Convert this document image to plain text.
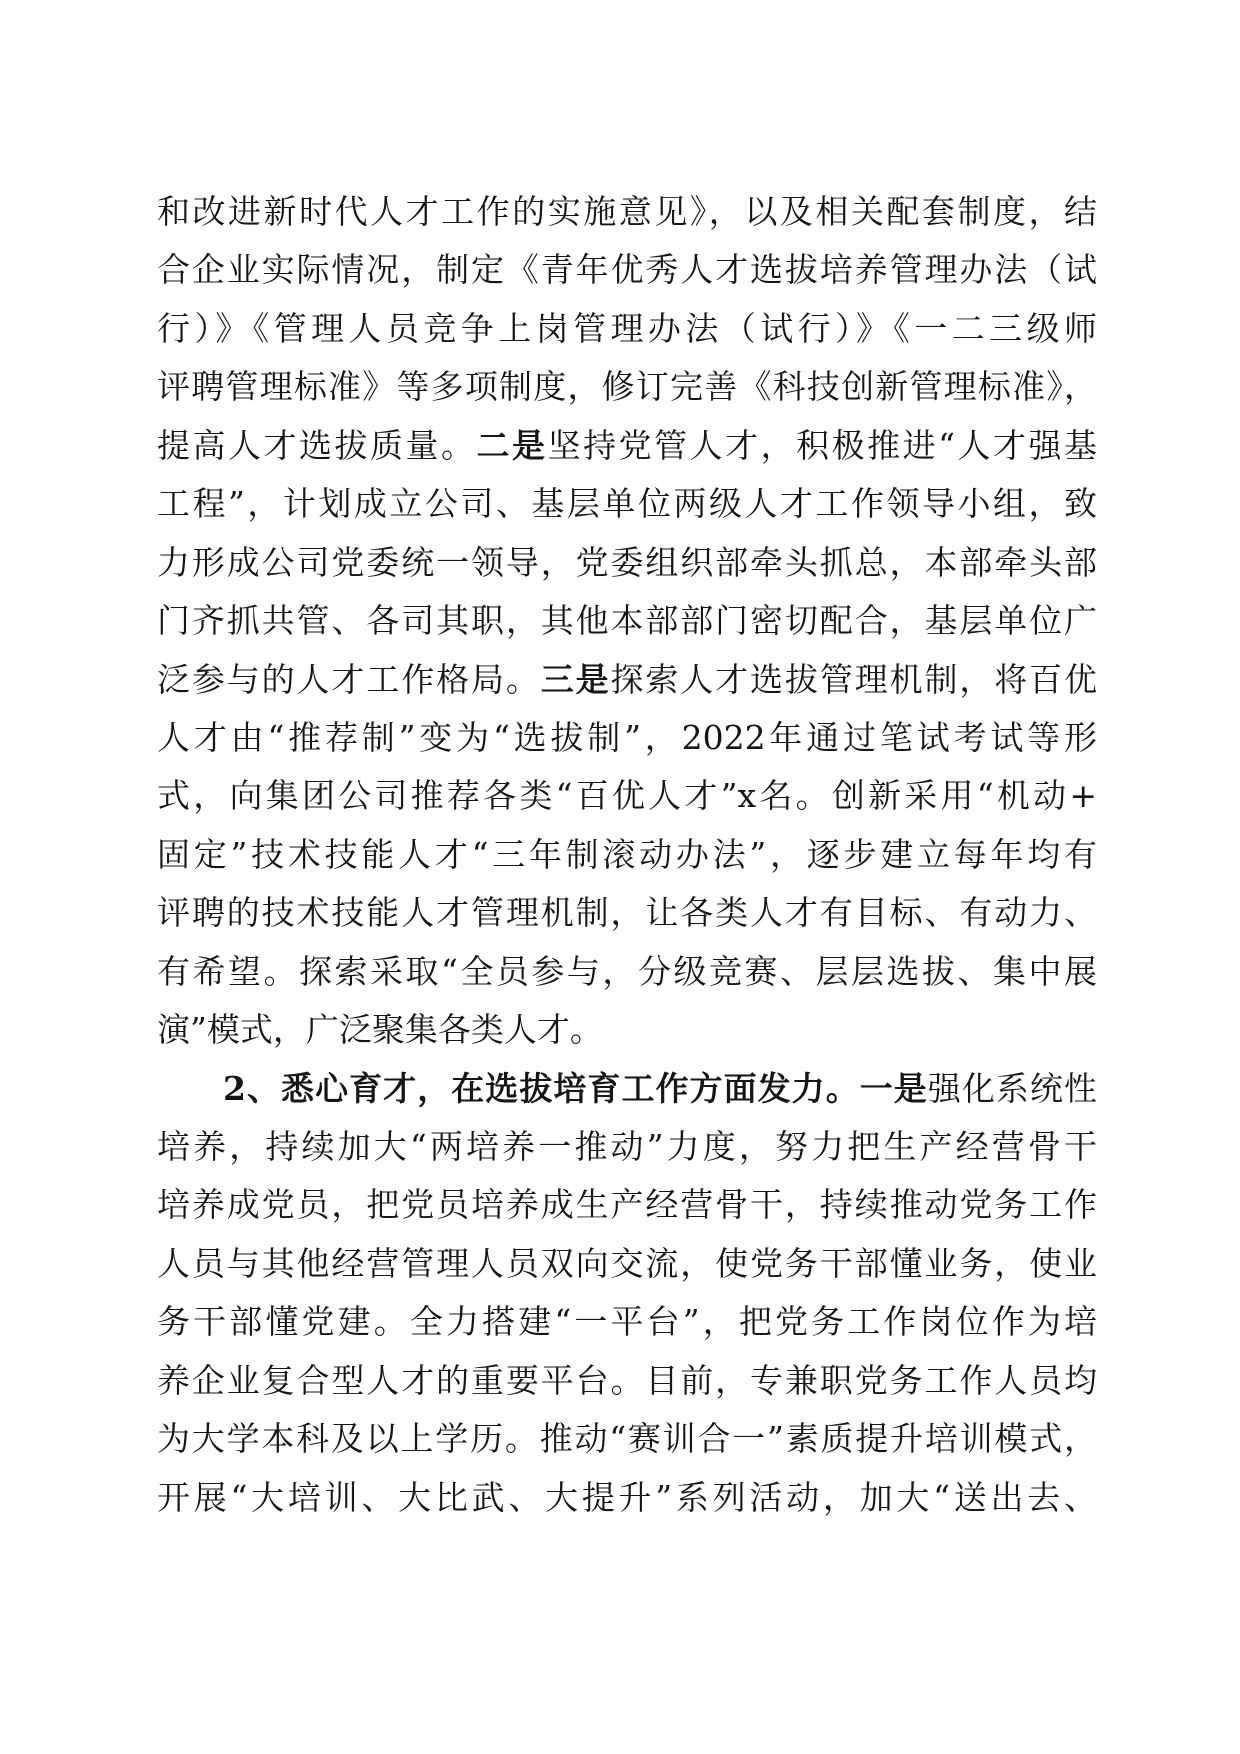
和改进新时代人才工作的实施意见》，以及相关配套制度，结

合企业实际情况，制定《青年优秀人才选拔培养管理办法（试

行）》《管理人员竞争上岗管理办法（试行）》《一二三级师

评聘管理标准》等多项制度，修订完善《科技创新管理标准》，

提高人才选拔质量。二是坚持党管人才，积极推进“人才强基

工程”，计划成立公司、基层单位两级人才工作领导小组，致

力形成公司党委统一领导，党委组织部牵头抓总，本部牵头部

门齐抓共管、各司其职，其他本部部门密切配合，基层单位广

泛参与的人才工作格局。三是探索人才选拔管理机制，将百优

人才由“推荐制”变为“选拔制”，2022年通过笔试考试等形

式，向集团公司推荐各类“百优人才”x名。创新采用“机动+

固定”技术技能人才“三年制滚动办法”，逐步建立每年均有

评聘的技术技能人才管理机制，让各类人才有目标、有动力、

有希望。探索采取“全员参与，分级竞赛、层层选拔、集中展

演”模式，广泛聚集各类人才。

2、悉心育才，在选拔培育工作方面发力。一是强化系统性

培养，持续加大“两培养一推动”力度，努力把生产经营骨干

培养成党员，把党员培养成生产经营骨干，持续推动党务工作

人员与其他经营管理人员双向交流，使党务干部懂业务，使业

务干部懂党建。全力搭建“一平台”，把党务工作岗位作为培

养企业复合型人才的重要平台。目前，专兼职党务工作人员均

为大学本科及以上学历。推动“赛训合一”素质提升培训模式，

开展“大培训、大比武、大提升”系列活动，加大“送出去、
